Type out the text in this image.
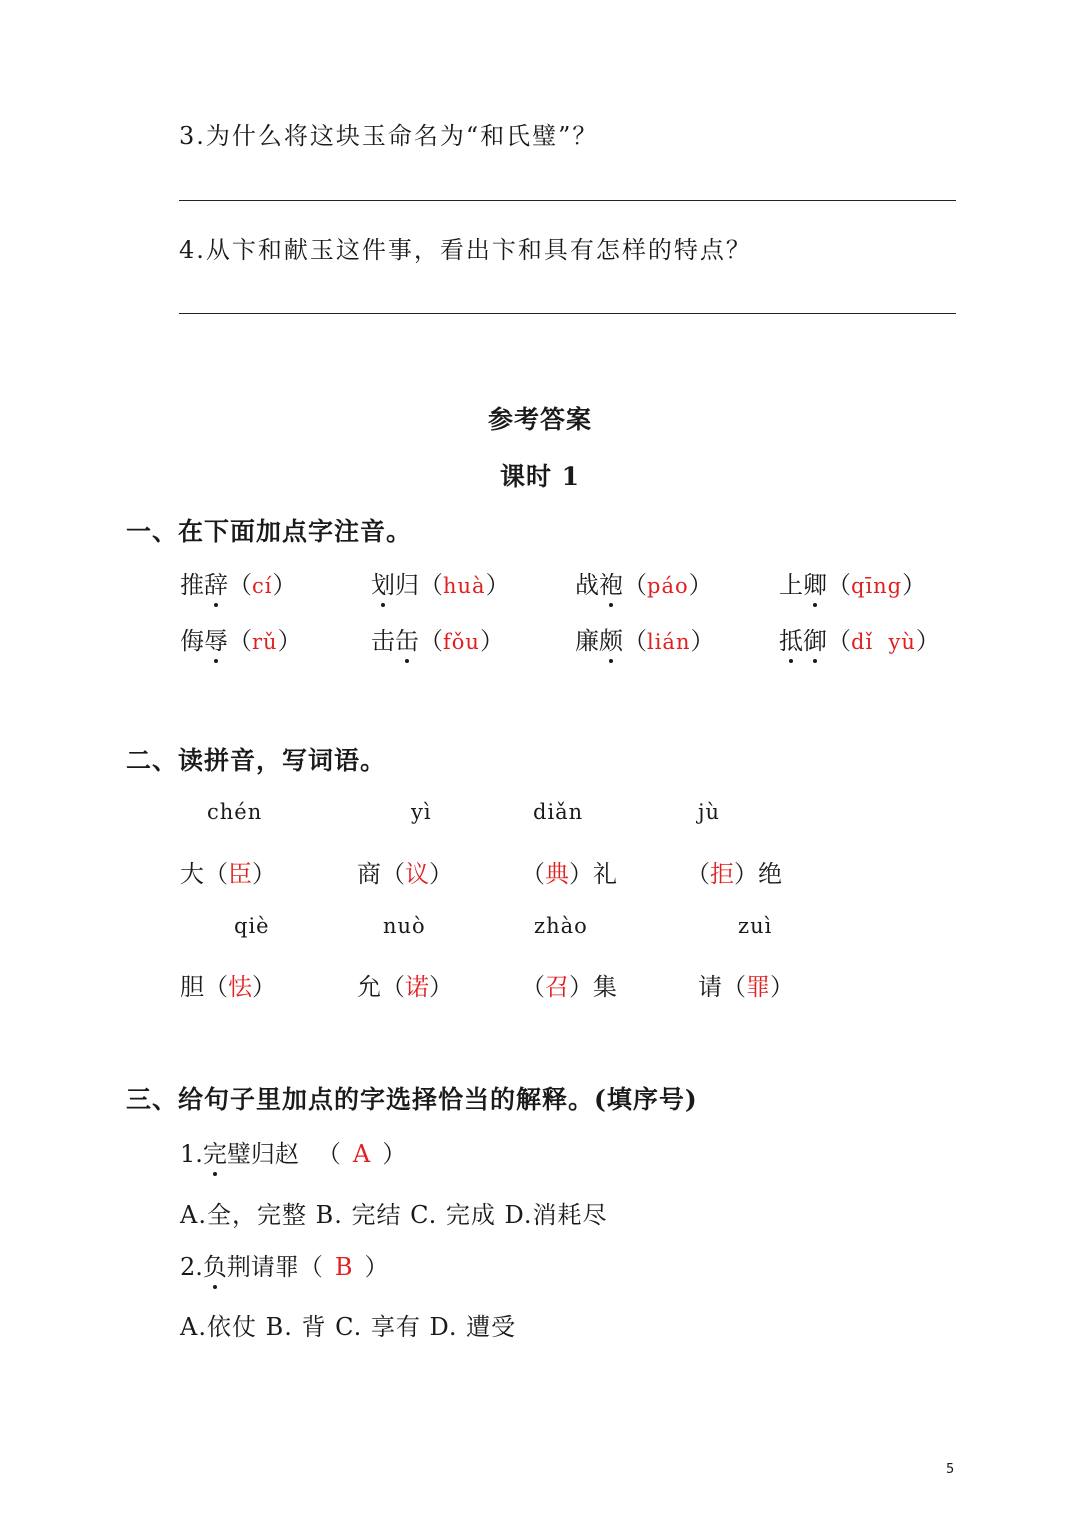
3.为什么将这块玉命名为“和氏璧”？
4.从卞和献玉这件事，看出卞和具有怎样的特点？
参考答案
课时 1
一、在下面加点字注音。
推辞（cí）	划归（huà）	战袍（páo）	上卿（qīng）
侮辱（rǔ）	击缶（fǒu）	廉颇（lián）	抵御（dǐ  yù）
二、读拼音，写词语。
chén	yì	diǎn	jù
大（臣）	商（议）	（典）礼	（拒）绝
qiè	nuò	zhào	zuì
胆（怯）	允（诺）	（召）集	请（罪）
三、给句子里加点的字选择恰当的解释。(填序号)
1.完璧归赵 （ A ）
A.全，完整 B. 完结 C. 完成 D.消耗尽
2.负荆请罪（ B ）
A.依仗 B. 背 C. 享有 D. 遭受
5
